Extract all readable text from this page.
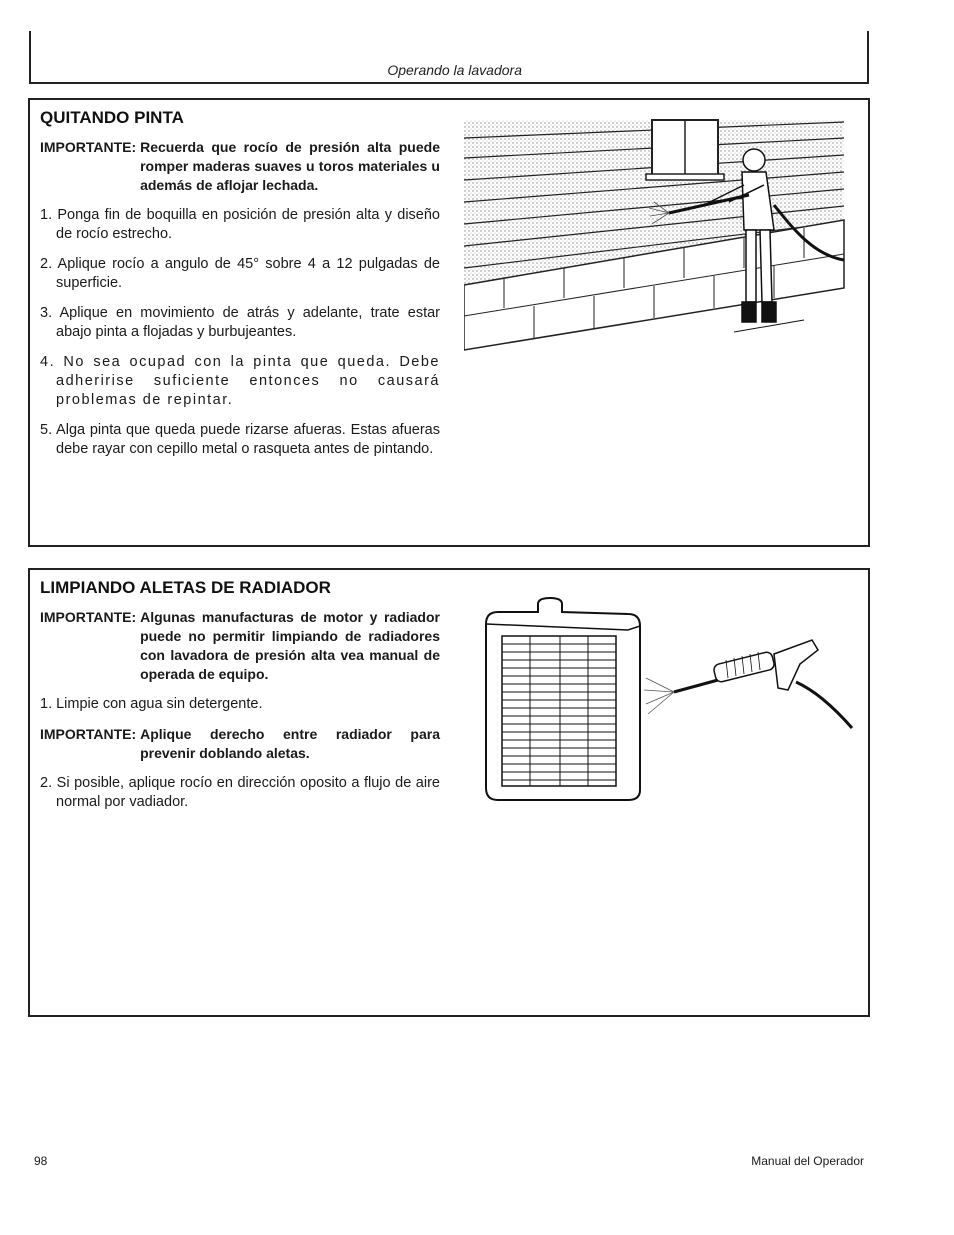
Operando la lavadora
QUITANDO PINTA
IMPORTANTE: Recuerda que rocío de presión alta puede romper maderas suaves u toros materiales u además de aflojar lechada.
1. Ponga fin de boquilla en posición de presión alta y diseño de rocío estrecho.
2. Aplique rocío a angulo de 45° sobre 4 a 12 pulgadas de superficie.
3. Aplique en movimiento de atrás y adelante, trate estar abajo pinta a flojadas y burbujeantes.
4. No sea ocupad con la pinta que queda. Debe adheririse suficiente entonces no causará problemas de repintar.
5. Alga pinta que queda puede rizarse afueras. Estas afueras debe rayar con cepillo metal o rasqueta antes de pintando.
LIMPIANDO ALETAS DE RADIADOR
IMPORTANTE: Algunas manufacturas de motor y radiador puede no permitir limpiando de radiadores con lavadora de presión alta vea manual de operada de equipo.
1. Limpie con agua sin detergente.
IMPORTANTE: Aplique derecho entre radiador para prevenir doblando aletas.
2. Si posible, aplique rocío en dirección oposito a flujo de aire normal por vadiador.
98	Manual del Operador
